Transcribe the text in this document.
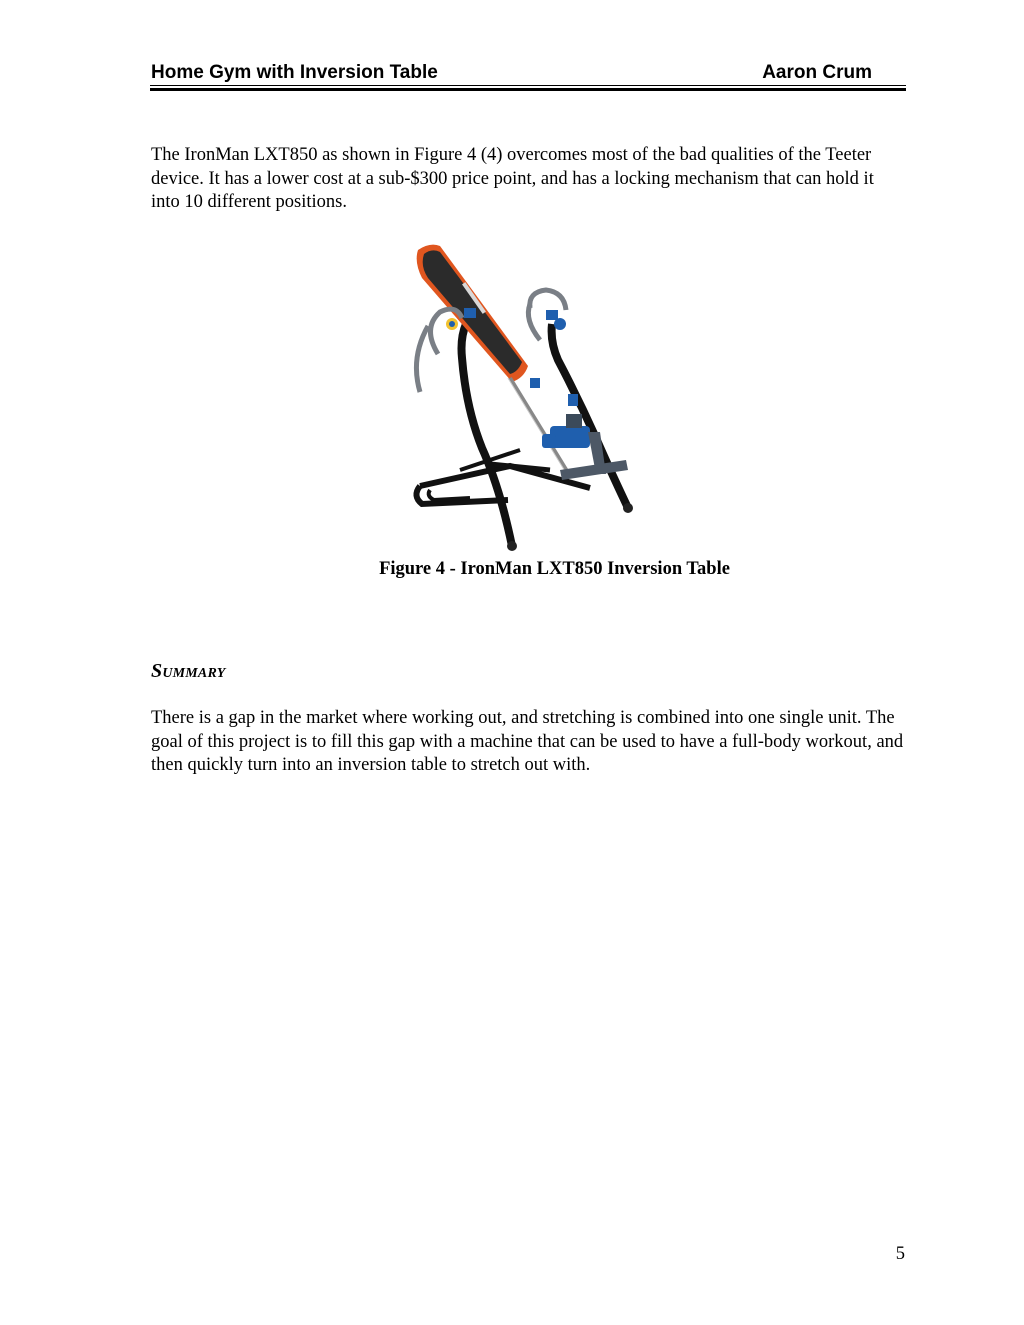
Home Gym with Inversion Table	Aaron Crum

The IronMan LXT850 as shown in Figure 4 (4) overcomes most of the bad qualities of the Teeter device. It has a lower cost at a sub-$300 price point, and has a locking mechanism that can hold it into 10 different positions.

Figure 4 - IronMan LXT850 Inversion Table
Summary

There is a gap in the market where working out, and stretching is combined into one single unit. The goal of this project is to fill this gap with a machine that can be used to have a full-body workout, and then quickly turn into an inversion table to stretch out with.

5
